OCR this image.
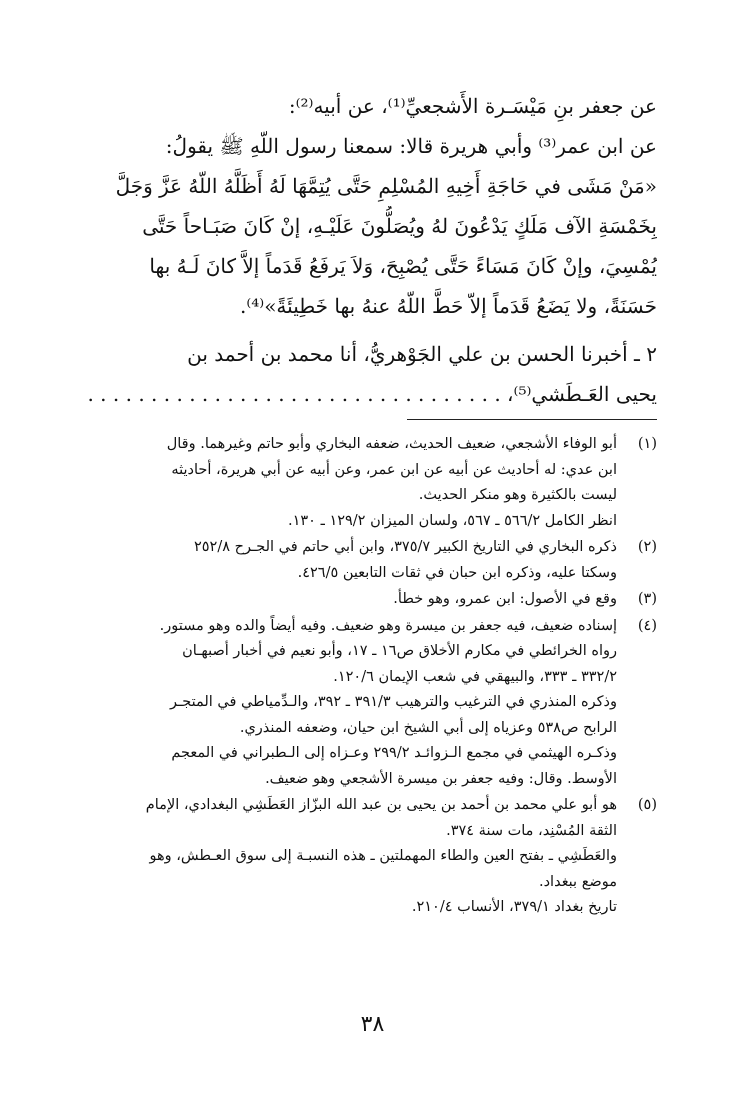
عن جعفر بنِ مَيْسَـرة الأَشجعيِّ⁽¹⁾، عن أبيه⁽²⁾:

عن ابن عمر⁽³⁾ وأبي هريرة قالا: سمعنا رسول اللّهِ ﷺ يقولُ:
«مَنْ مَشَى في حَاجَةِ أَخِيهِ المُسْلِمِ حَتَّى يُتِمَّهَا لَهُ أَظَلَّهُ اللّهُ عَزَّ وَجَلَّ
بِخَمْسَةِ الآف مَلَكٍ يَدْعُونَ لهُ ويُصَلُّونَ عَلَيْـهِ، إنْ كَانَ صَبَـاحاً حَتَّى
يُمْسِيَ، وإنْ كَانَ مَسَاءً حَتَّى يُصْبِحَ، وَلاَ يَرفَعُ قَدَماً إلاَّ كانَ لَـهُ بها
حَسَنَةً، ولا يَضَعُ قَدَماً إلاّ حَطَّ اللّهُ عنهُ بها خَطِيئَةً»⁽⁴⁾.

٢ ـ أخبرنا الحسن بن علي الجَوْهريُّ، أنا محمد بن أحمد بن
يحيى العَـطَشي⁽⁵⁾، . . . . . . . . . . . . . . . . . . . . . . . . . . . . . . . . .

(١)
أبو الوفاء الأشجعي، ضعيف الحديث، ضعفه البخاري وأبو حاتم وغيرهما. وقال
ابن عدي: له أحاديث عن أبيه عن ابن عمر، وعن أبيه عن أبي هريرة، أحاديثه
ليست بالكثيرة وهو منكر الحديث.
انظر الكامل ٥٦٦/٢ ـ ٥٦٧، ولسان الميزان ١٢٩/٢ ـ ١٣٠.
(٢)
ذكره البخاري في التاريخ الكبير ٣٧٥/٧، وابن أبي حاتم في الجـرح ٢٥٢/٨
وسكتا عليه، وذكره ابن حبان في ثقات التابعين ٤٢٦/٥.
(٣)
وقع في الأصول: ابن عمرو، وهو خطأ.
(٤)
إسناده ضعيف، فيه جعفر بن ميسرة وهو ضعيف. وفيه أيضاً والده وهو مستور.
رواه الخرائطي في مكارم الأخلاق ص١٦ ـ ١٧، وأبو نعيم في أخبار أصبهـان
٣٣٢/٢ ـ ٣٣٣، والبيهقي في شعب الإيمان ١٢٠/٦.
وذكره المنذري في الترغيب والترهيب ٣٩١/٣ ـ ٣٩٢، والـدِّمياطي في المتجـر
الرابح ص٥٣٨ وعزياه إلى أبي الشيخ ابن حيان، وضعفه المنذري.
وذكـره الهيثمي في مجمع الـزوائـد ٢٩٩/٢ وعـزاه إلى الـطبراني في المعجم
الأوسط. وقال: وفيه جعفر بن ميسرة الأشجعي وهو ضعيف.
(٥)
هو أبو علي محمد بن أحمد بن يحيى بن عبد الله البزّاز العَطَشِي البغدادي، الإمام
الثقة المُسْنِد، مات سنة ٣٧٤.
والعَطَشِي ـ بفتح العين والطاء المهملتين ـ هذه النسبـة إلى سوق العـطش، وهو
موضع ببغداد.
تاريخ بغداد ٣٧٩/١، الأنساب ٢١٠/٤.
٣٨
